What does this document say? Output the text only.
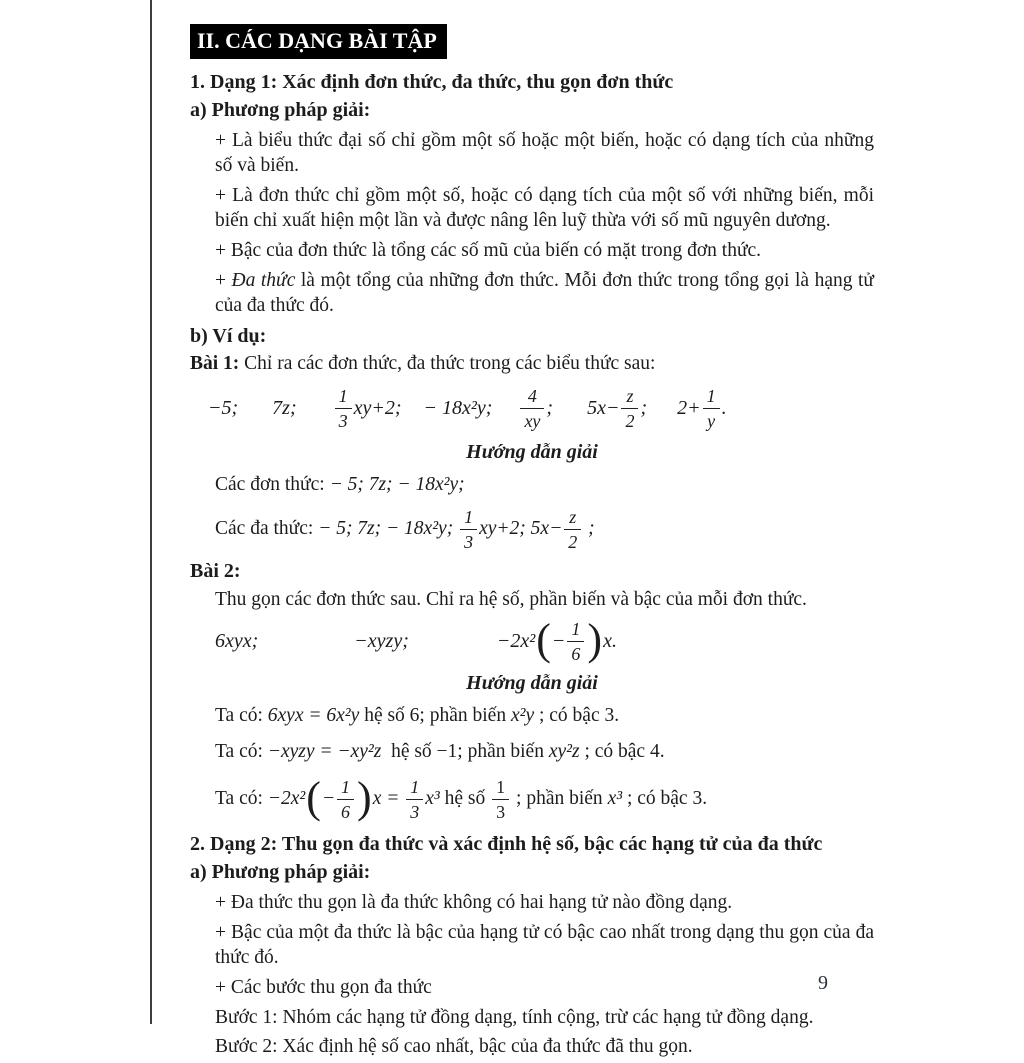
II. CÁC DẠNG BÀI TẬP
1. Dạng 1: Xác định đơn thức, đa thức, thu gọn đơn thức
a) Phương pháp giải:

+ Là biểu thức đại số chỉ gồm một số hoặc một biến, hoặc có dạng tích của những số và biến.

+ Là đơn thức chỉ gồm một số, hoặc có dạng tích của một số với những biến, mỗi biến chỉ xuất hiện một lần và được nâng lên luỹ thừa với số mũ nguyên dương.

+ Bậc của đơn thức là tổng các số mũ của biến có mặt trong đơn thức.

+ Đa thức là một tổng của những đơn thức. Mỗi đơn thức trong tổng gọi là hạng tử của đa thức đó.

b) Ví dụ:
Bài 1: Chỉ ra các đơn thức, đa thức trong các biểu thức sau:
−5; 7z; $\frac{1}{3} xy+2$; − 18x²y; $\frac{4}{xy}$ ; $5x- \frac{z}{2}$ ; $2+ \frac{1}{y}$ .
Hướng dẫn giải
Các đơn thức: − 5; 7z; − 18x²y;
Các đa thức: − 5; 7z; − 18x²y; $\frac{1}{3} xy+2$; $5x- \frac{z}{2}$ ;
Bài 2:

Thu gọn các đơn thức sau. Chỉ ra hệ số, phần biến và bậc của mỗi đơn thức.

6xyx;	−xyzy;	−2x² ( − $\frac{1}{6}$ ) x.
Hướng dẫn giải
Ta có: 6xyx = 6x²y hệ số 6; phần biến x²y ; có bậc 3.
Ta có: −xyzy = −xy²z hệ số −1; phần biến xy²z ; có bậc 4.
Ta có: −2x² ( − $\frac{1}{6}$ ) $x = \frac{1}{3} x^3$ hệ số $\frac{1}{3}$ ; phần biến x³ ; có bậc 3.
2. Dạng 2: Thu gọn đa thức và xác định hệ số, bậc các hạng tử của đa thức
a) Phương pháp giải:

+ Đa thức thu gọn là đa thức không có hai hạng tử nào đồng dạng.

+ Bậc của một đa thức là bậc của hạng tử có bậc cao nhất trong dạng thu gọn của đa thức đó.

+ Các bước thu gọn đa thức

Bước 1: Nhóm các hạng tử đồng dạng, tính cộng, trừ các hạng tử đồng dạng.

Bước 2: Xác định hệ số cao nhất, bậc của đa thức đã thu gọn.

9
